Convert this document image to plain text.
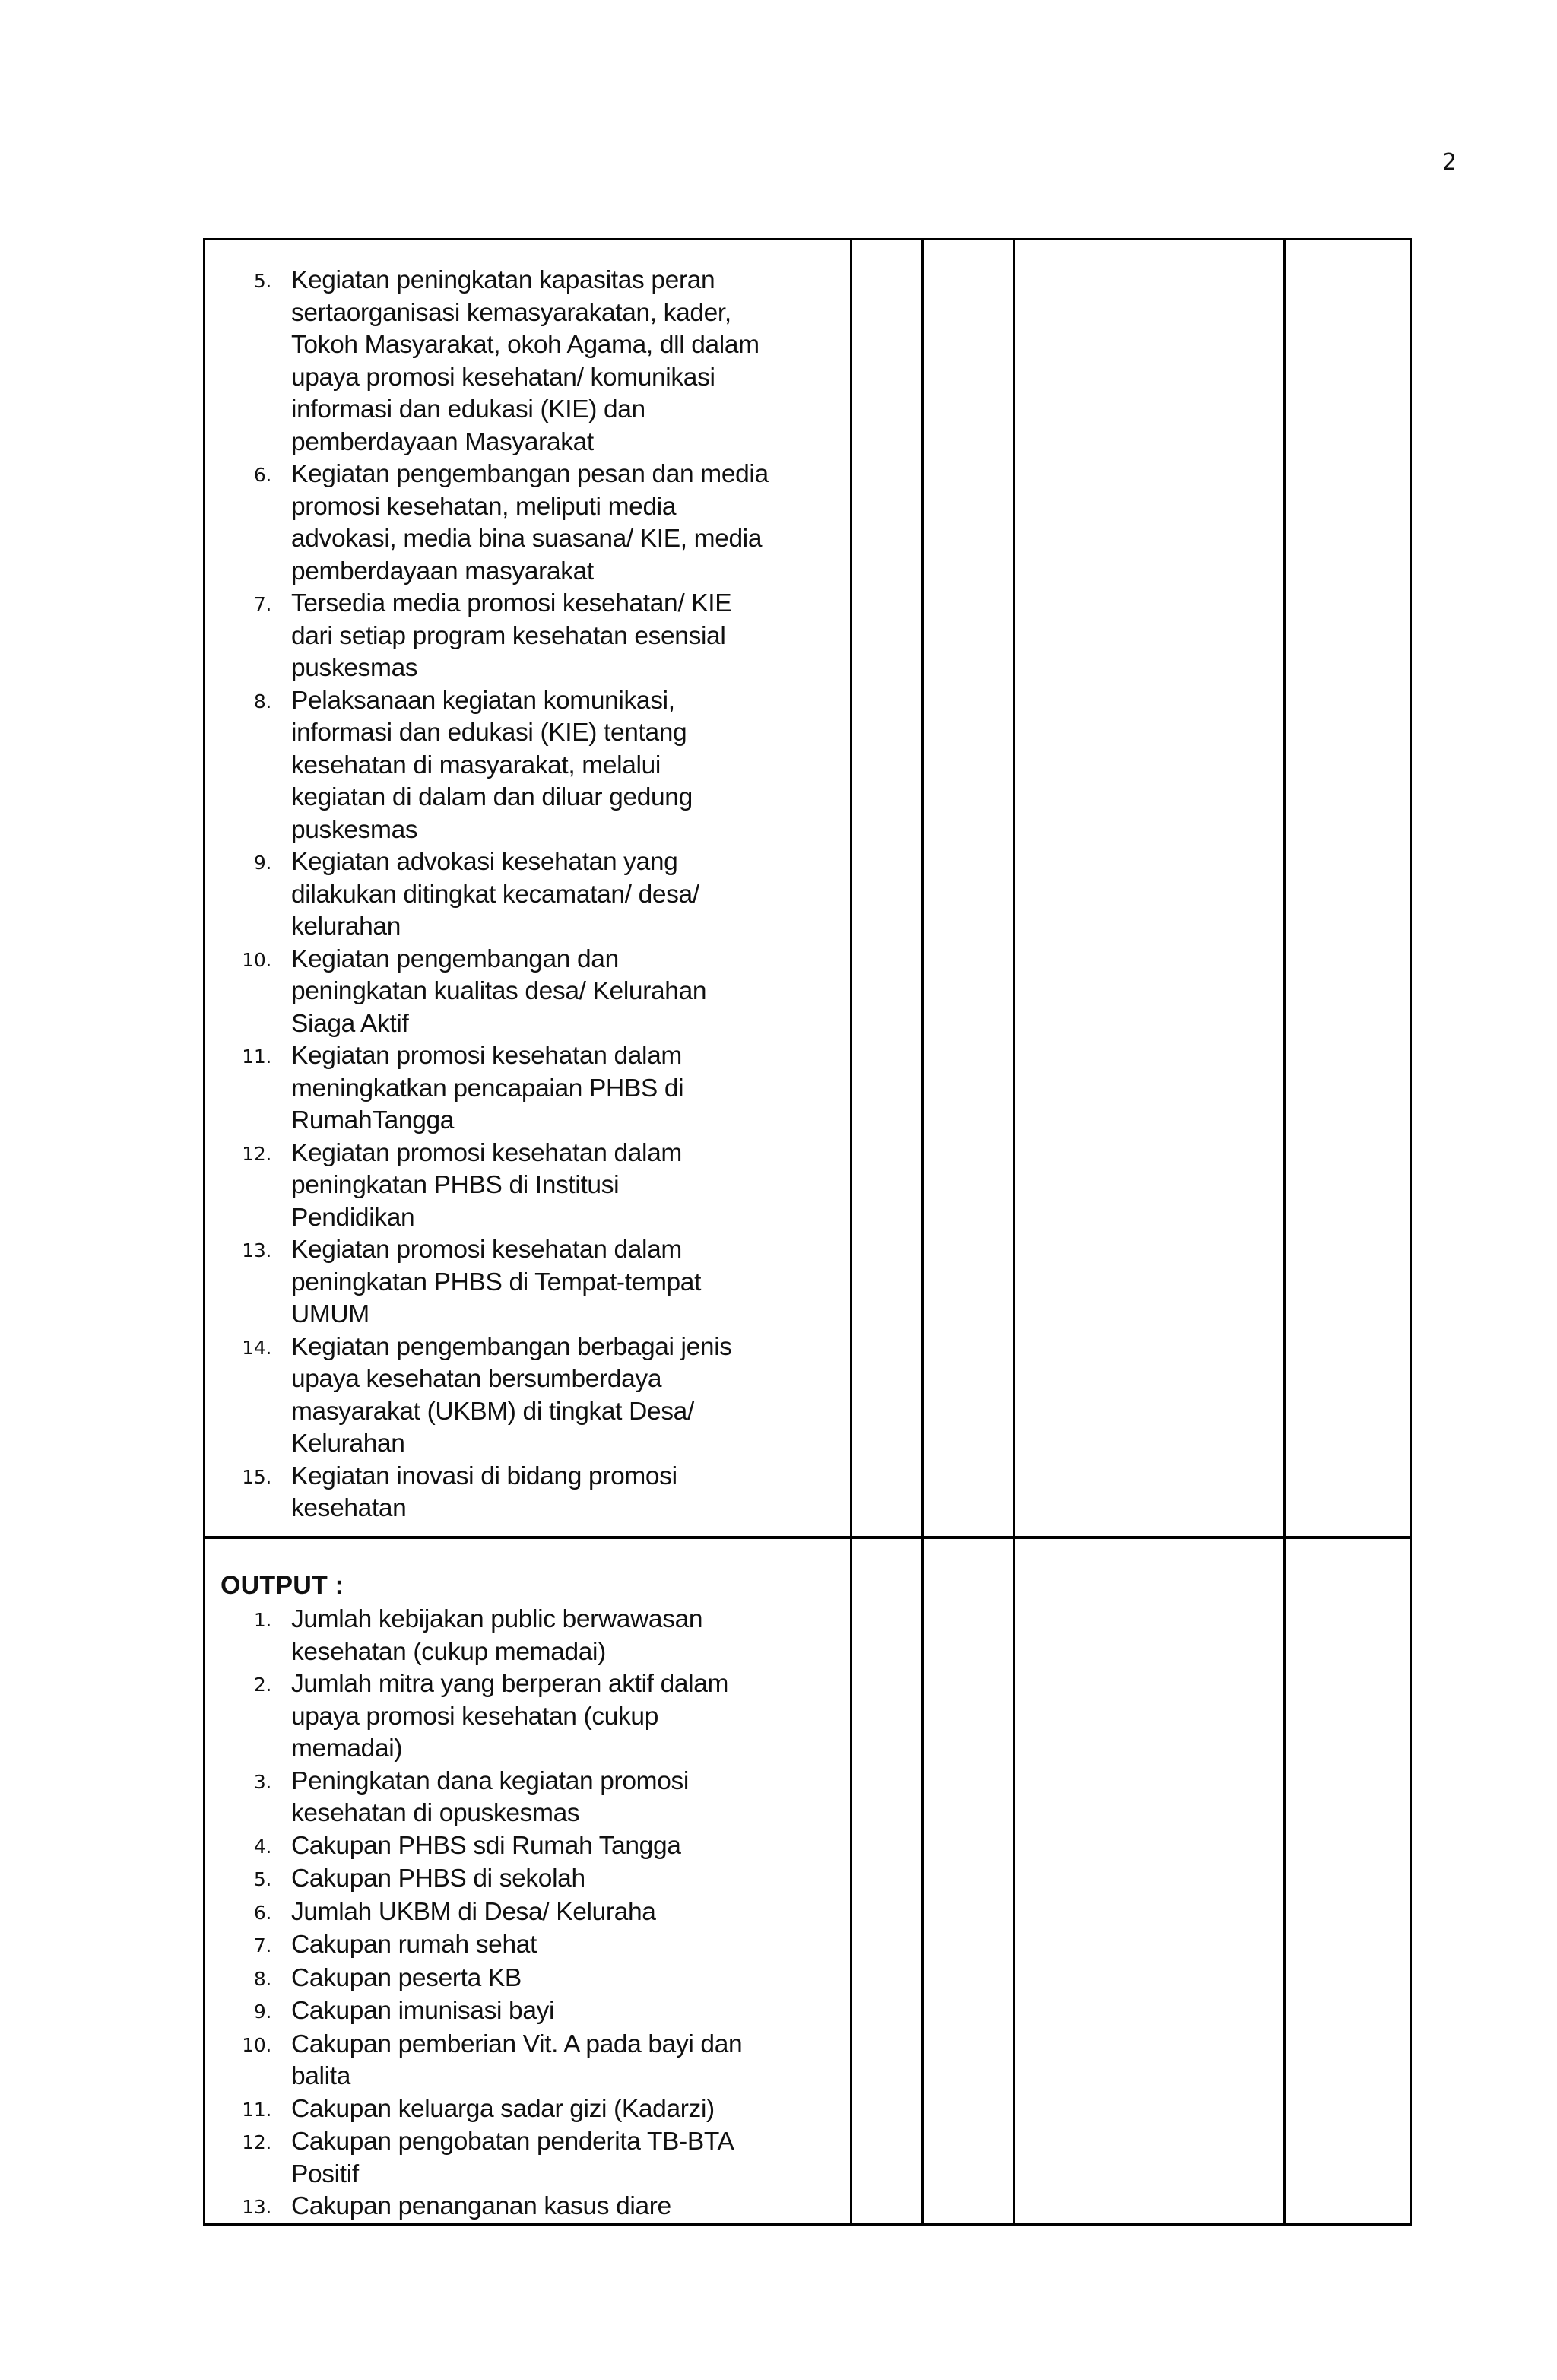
2
5. Kegiatan peningkatan kapasitas peran
sertaorganisasi kemasyarakatan, kader,
Tokoh Masyarakat, okoh Agama, dll dalam
upaya promosi kesehatan/ komunikasi
informasi dan edukasi (KIE) dan
pemberdayaan Masyarakat
6. Kegiatan pengembangan pesan dan media
promosi kesehatan, meliputi media
advokasi, media bina suasana/ KIE, media
pemberdayaan masyarakat
7. Tersedia media promosi kesehatan/ KIE
dari setiap program kesehatan esensial
puskesmas
8. Pelaksanaan kegiatan komunikasi,
informasi dan edukasi (KIE) tentang
kesehatan di masyarakat, melalui
kegiatan di dalam dan diluar gedung
puskesmas
9. Kegiatan advokasi kesehatan yang
dilakukan ditingkat kecamatan/ desa/
kelurahan
10. Kegiatan pengembangan dan
peningkatan kualitas desa/ Kelurahan
Siaga Aktif
11. Kegiatan promosi kesehatan dalam
meningkatkan pencapaian PHBS di
RumahTangga
12. Kegiatan promosi kesehatan dalam
peningkatan PHBS di Institusi
Pendidikan
13. Kegiatan promosi kesehatan dalam
peningkatan PHBS di Tempat-tempat
UMUM
14. Kegiatan pengembangan berbagai jenis
upaya kesehatan bersumberdaya
masyarakat (UKBM) di tingkat Desa/
Kelurahan
15. Kegiatan inovasi di bidang promosi
kesehatan
OUTPUT :
1. Jumlah kebijakan public berwawasan
kesehatan (cukup memadai)
2. Jumlah mitra yang berperan aktif dalam
upaya promosi kesehatan (cukup
memadai)
3. Peningkatan dana kegiatan promosi
kesehatan di opuskesmas
4. Cakupan PHBS sdi Rumah Tangga
5. Cakupan PHBS di sekolah
6. Jumlah UKBM di Desa/ Keluraha
7. Cakupan rumah sehat
8. Cakupan peserta KB
9. Cakupan imunisasi bayi
10. Cakupan pemberian Vit. A pada bayi dan
balita
11. Cakupan keluarga sadar gizi (Kadarzi)
12. Cakupan pengobatan penderita TB-BTA
Positif
13. Cakupan penanganan kasus diare
